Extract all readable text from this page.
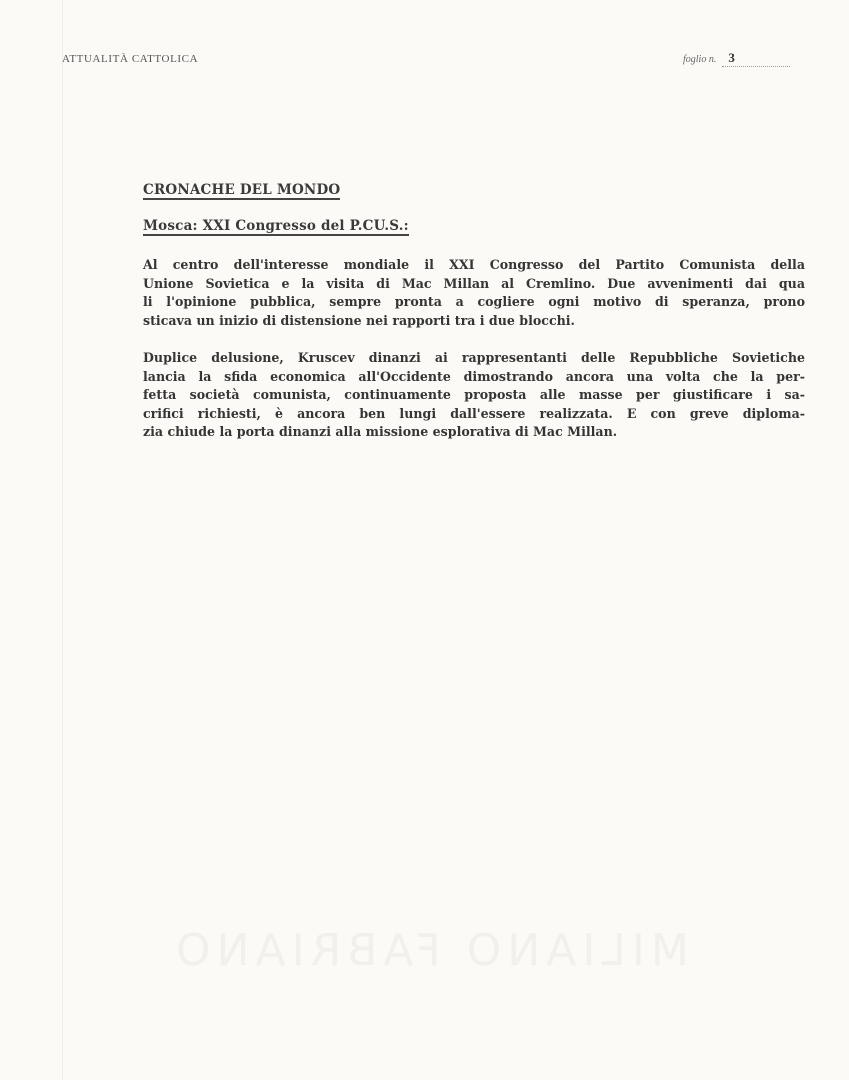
MILIANO FABRIANO
ATTUALITÀ CATTOLICA	foglio n. 3
CRONACHE DEL MONDO
Mosca: XXI Congresso del P.CU.S.:
Al centro dell'interesse mondiale il XXI Congresso del Partito Comunista della
Unione Sovietica e la visita di Mac Millan al Cremlino. Due avvenimenti dai qua
li l'opinione pubblica, sempre pronta a cogliere ogni motivo di speranza, prono
sticava un inizio di distensione nei rapporti tra i due blocchi.
Duplice delusione, Kruscev dinanzi ai rappresentanti delle Repubbliche Sovietiche
lancia la sfida economica all'Occidente dimostrando ancora una volta che la per-
fetta società comunista, continuamente proposta alle masse per giustificare i sa-
crifici richiesti, è ancora ben lungi dall'essere realizzata. E con greve diploma-
zia chiude la porta dinanzi alla missione esplorativa di Mac Millan.
